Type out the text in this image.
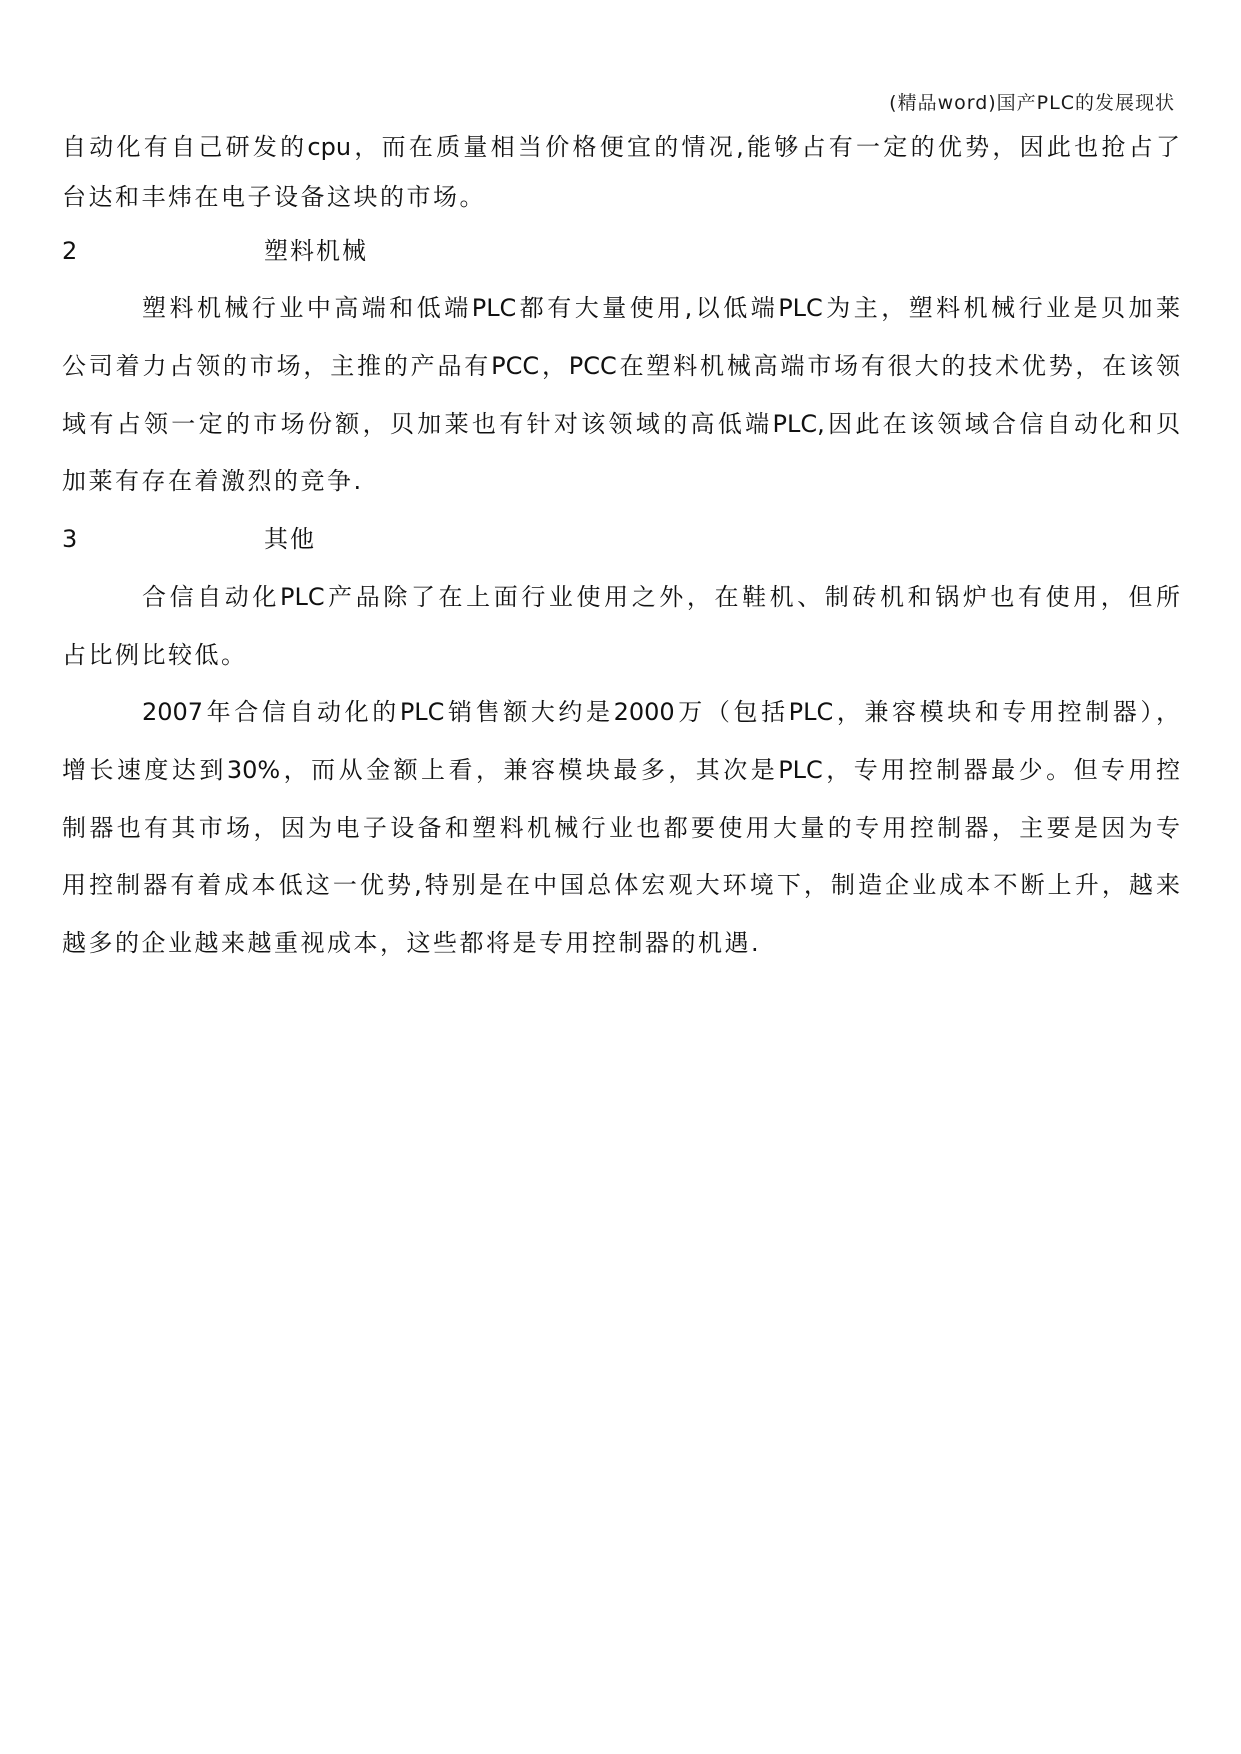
(精品word)国产PLC的发展现状
自动化有自己研发的cpu，而在质量相当价格便宜的情况,能够占有一定的优势，因此也抢占了
台达和丰炜在电子设备这块的市场。
2	塑料机械
塑料机械行业中高端和低端PLC都有大量使用,以低端PLC为主，塑料机械行业是贝加莱
公司着力占领的市场，主推的产品有PCC，PCC在塑料机械高端市场有很大的技术优势，在该领
域有占领一定的市场份额，贝加莱也有针对该领域的高低端PLC,因此在该领域合信自动化和贝
加莱有存在着激烈的竞争.
3	其他
合信自动化PLC产品除了在上面行业使用之外，在鞋机、制砖机和锅炉也有使用，但所
占比例比较低。
2007年合信自动化的PLC销售额大约是2000万（包括PLC，兼容模块和专用控制器），
增长速度达到30%，而从金额上看，兼容模块最多，其次是PLC，专用控制器最少。但专用控
制器也有其市场，因为电子设备和塑料机械行业也都要使用大量的专用控制器，主要是因为专
用控制器有着成本低这一优势,特别是在中国总体宏观大环境下，制造企业成本不断上升，越来
越多的企业越来越重视成本，这些都将是专用控制器的机遇.
